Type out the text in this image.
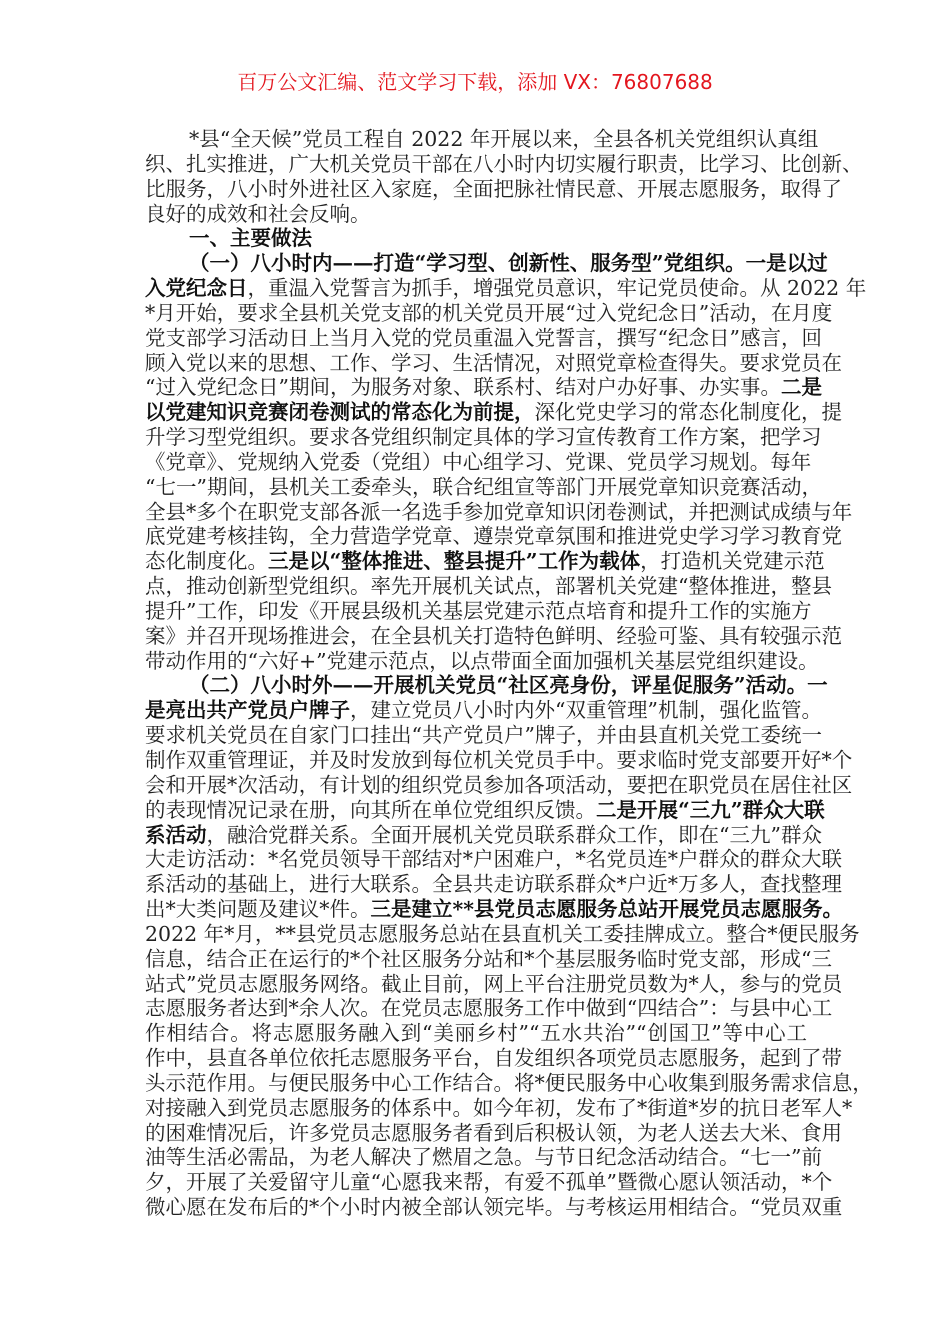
百万公文汇编、范文学习下载，添加 VX：76807688
*县“全天候”党员工程自 2022 年开展以来，全县各机关党组织认真组
织、扎实推进，广大机关党员干部在八小时内切实履行职责，比学习、比创新、
比服务，八小时外进社区入家庭，全面把脉社情民意、开展志愿服务，取得了
良好的成效和社会反响。
一、主要做法
（一）八小时内——打造“学习型、创新性、服务型”党组织。一是以过
入党纪念日，重温入党誓言为抓手，增强党员意识，牢记党员使命。从 2022 年
*月开始，要求全县机关党支部的机关党员开展“过入党纪念日”活动，在月度
党支部学习活动日上当月入党的党员重温入党誓言，撰写“纪念日”感言，回
顾入党以来的思想、工作、学习、生活情况，对照党章检查得失。要求党员在
“过入党纪念日”期间，为服务对象、联系村、结对户办好事、办实事。二是
以党建知识竞赛闭卷测试的常态化为前提，深化党史学习的常态化制度化，提
升学习型党组织。要求各党组织制定具体的学习宣传教育工作方案，把学习
《党章》、党规纳入党委（党组）中心组学习、党课、党员学习规划。每年
“七一”期间，县机关工委牵头，联合纪组宣等部门开展党章知识竞赛活动，
全县*多个在职党支部各派一名选手参加党章知识闭卷测试，并把测试成绩与年
底党建考核挂钩，全力营造学党章、遵崇党章氛围和推进党史学习学习教育党
态化制度化。三是以“整体推进、整县提升”工作为载体，打造机关党建示范
点，推动创新型党组织。率先开展机关试点，部署机关党建“整体推进，整县
提升”工作，印发《开展县级机关基层党建示范点培育和提升工作的实施方
案》并召开现场推进会，在全县机关打造特色鲜明、经验可鉴、具有较强示范
带动作用的“六好+”党建示范点，以点带面全面加强机关基层党组织建设。
（二）八小时外——开展机关党员“社区亮身份，评星促服务”活动。一
是亮出共产党员户牌子，建立党员八小时内外“双重管理”机制，强化监管。
要求机关党员在自家门口挂出“共产党员户”牌子，并由县直机关党工委统一
制作双重管理证，并及时发放到每位机关党员手中。要求临时党支部要开好*个
会和开展*次活动，有计划的组织党员参加各项活动，要把在职党员在居住社区
的表现情况记录在册，向其所在单位党组织反馈。二是开展“三九”群众大联
系活动，融洽党群关系。全面开展机关党员联系群众工作，即在“三九”群众
大走访活动：*名党员领导干部结对*户困难户，*名党员连*户群众的群众大联
系活动的基础上，进行大联系。全县共走访联系群众*户近*万多人，查找整理
出*大类问题及建议*件。三是建立**县党员志愿服务总站开展党员志愿服务。
2022 年*月，**县党员志愿服务总站在县直机关工委挂牌成立。整合*便民服务
信息，结合正在运行的*个社区服务分站和*个基层服务临时党支部，形成“三
站式”党员志愿服务网络。截止目前，网上平台注册党员数为*人，参与的党员
志愿服务者达到*余人次。在党员志愿服务工作中做到“四结合”：与县中心工
作相结合。将志愿服务融入到“美丽乡村”“五水共治”“创国卫”等中心工
作中，县直各单位依托志愿服务平台，自发组织各项党员志愿服务，起到了带
头示范作用。与便民服务中心工作结合。将*便民服务中心收集到服务需求信息，
对接融入到党员志愿服务的体系中。如今年初，发布了*街道*岁的抗日老军人*
的困难情况后，许多党员志愿服务者看到后积极认领，为老人送去大米、食用
油等生活必需品，为老人解决了燃眉之急。与节日纪念活动结合。“七一”前
夕，开展了关爱留守儿童“心愿我来帮，有爱不孤单”暨微心愿认领活动，*个
微心愿在发布后的*个小时内被全部认领完毕。与考核运用相结合。“党员双重
